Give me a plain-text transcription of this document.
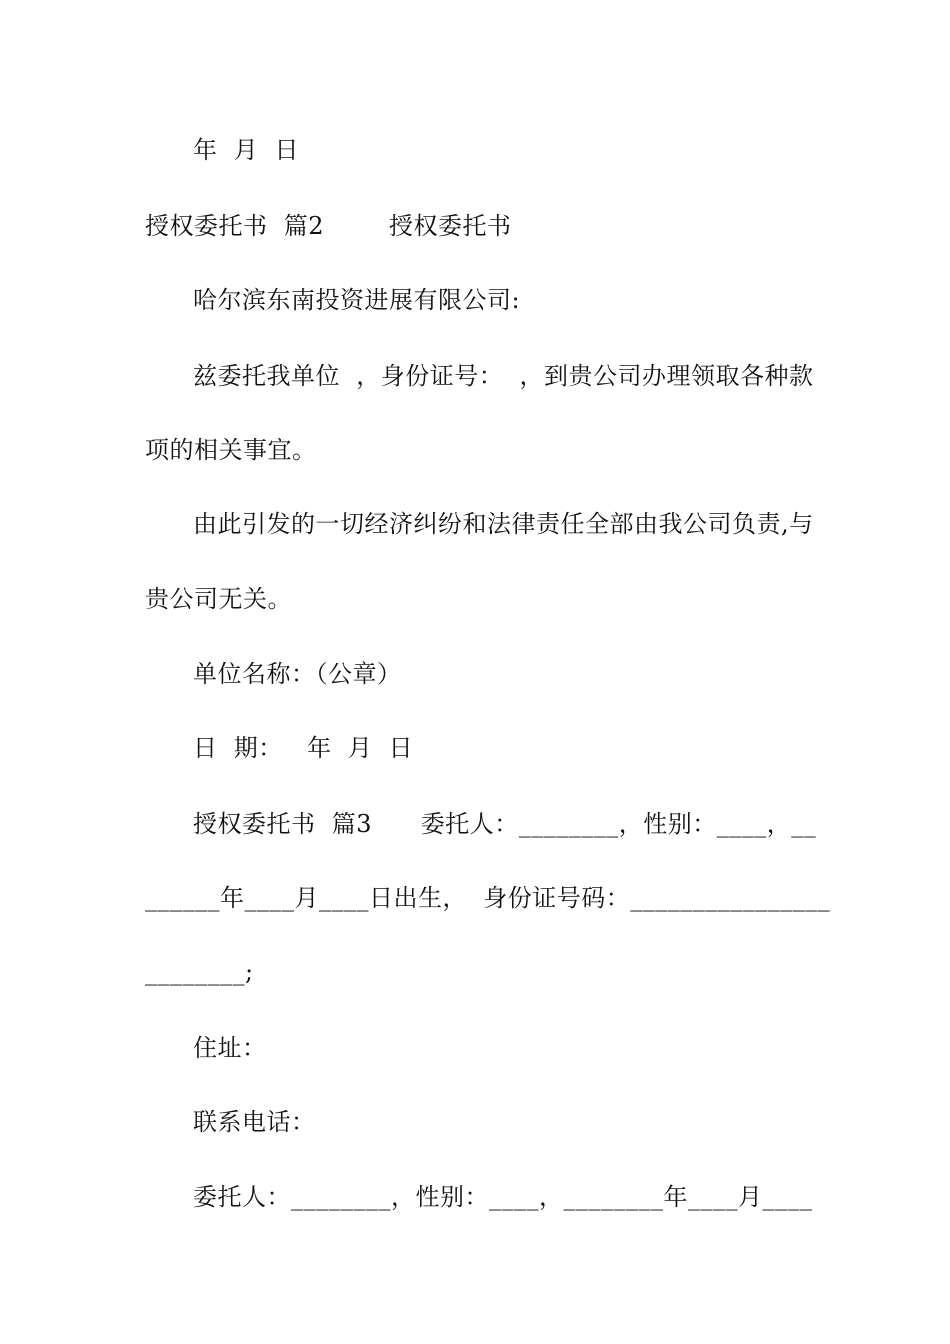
年  月  日
授权委托书  篇2        授权委托书
哈尔滨东南投资进展有限公司:
兹委托我单位  ，身份证号：  ，到贵公司办理领取各种款
项的相关事宜。
由此引发的一切经济纠纷和法律责任全部由我公司负责,与
贵公司无关。
单位名称：（公章）
日  期：   年  月  日
授权委托书  篇3      委托人：________，性别：____，__
______年____月____日出生，  身份证号码：________________
________;
住址：
联系电话：
委托人：________，性别：____，________年____月____
